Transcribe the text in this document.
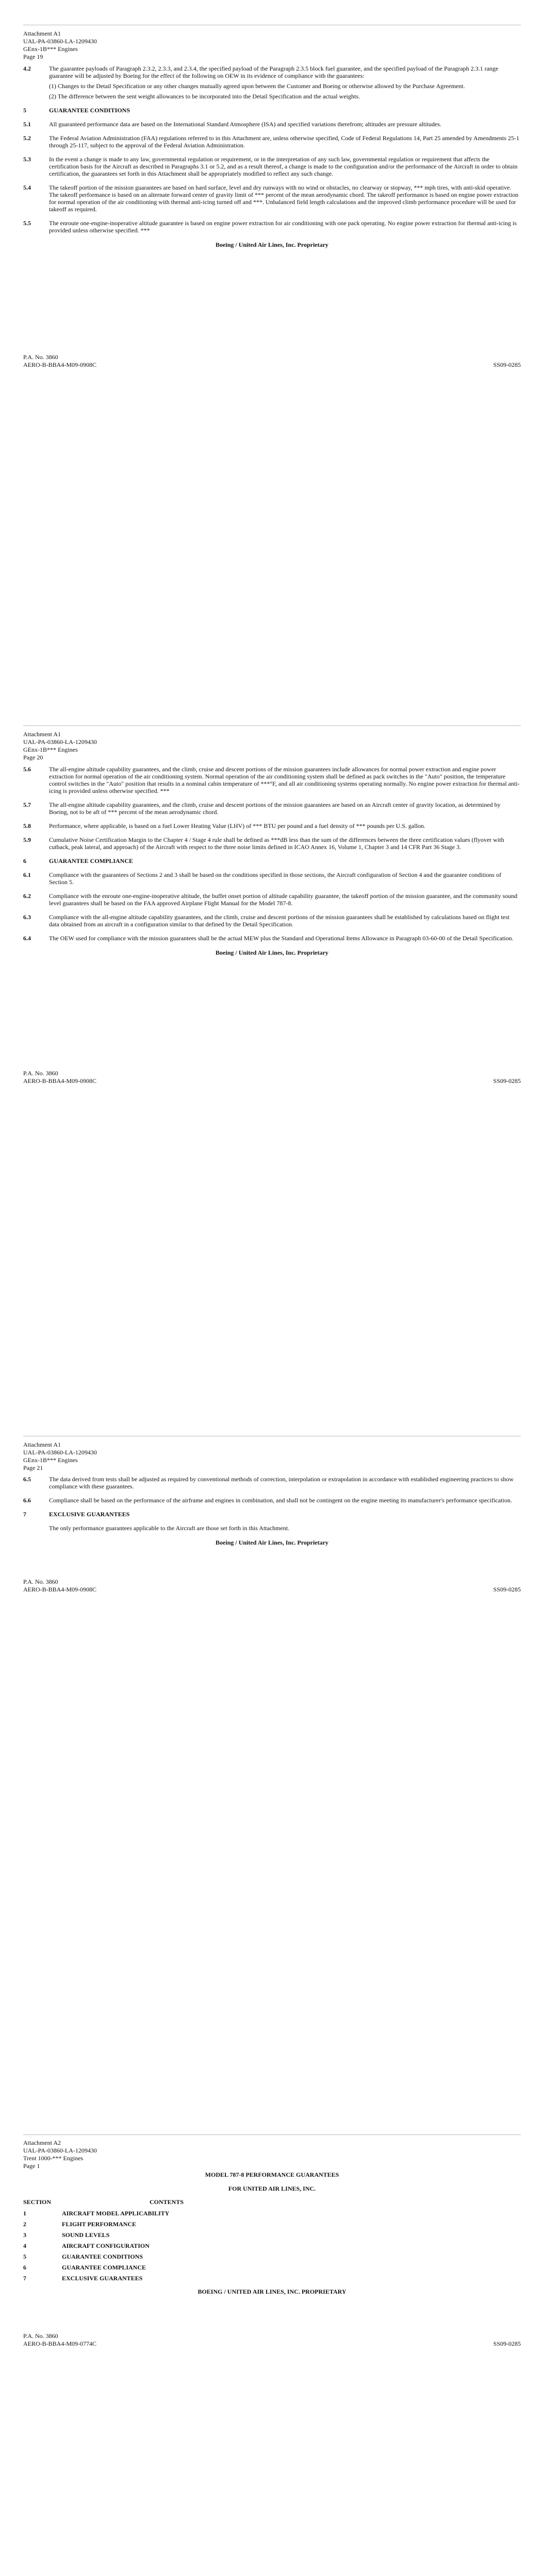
Attachment A1
UAL-PA-03860-LA-1209430
GEnx-1B*** Engines
Page 19
4.2	The guarantee payloads of Paragraph 2.3.2, 2.3.3, and 2.3.4, the specified payload of the Paragraph 2.3.5 block fuel guarantee, and the specified payload of the Paragraph 2.3.1 range guarantee will be adjusted by Boeing for the effect of the following on OEW in its evidence of compliance with the guarantees:

(1) Changes to the Detail Specification or any other changes mutually agreed upon between the Customer and Boeing or otherwise allowed by the Purchase Agreement.

(2) The difference between the sent weight allowances to be incorporated into the Detail Specification and the actual weights.

5	GUARANTEE CONDITIONS

5.1	All guaranteed performance data are based on the International Standard Atmosphere (ISA) and specified variations therefrom; altitudes are pressure altitudes.

5.2	The Federal Aviation Administration (FAA) regulations referred to in this Attachment are, unless otherwise specified, Code of Federal Regulations 14, Part 25 amended by Amendments 25-1 through 25-117, subject to the approval of the Federal Aviation Administration.

5.3	In the event a change is made to any law, governmental regulation or requirement, or in the interpretation of any such law, governmental regulation or requirement that affects the certification basis for the Aircraft as described in Paragraphs 3.1 or 5.2, and as a result thereof, a change is made to the configuration and/or the performance of the Aircraft in order to obtain certification, the guarantees set forth in this Attachment shall be appropriately modified to reflect any such change.

5.4	The takeoff portion of the mission guarantees are based on hard surface, level and dry runways with no wind or obstacles, no clearway or stopway, *** mph tires, with anti-skid operative. The takeoff performance is based on an alternate forward center of gravity limit of *** percent of the mean aerodynamic chord. The takeoff performance is based on engine power extraction for normal operation of the air conditioning with thermal anti-icing turned off and ***. Unbalanced field length calculations and the improved climb performance procedure will be used for takeoff as required.

5.5	The enroute one-engine-inoperative altitude guarantee is based on engine power extraction for air conditioning with one pack operating. No engine power extraction for thermal anti-icing is provided unless otherwise specified. ***

Boeing / United Air Lines, Inc. Proprietary
P.A. No. 3860
AERO-B-BBA4-M09-0908C	SS09-0285
Attachment A1
UAL-PA-03860-LA-1209430
GEnx-1B*** Engines
Page 20
5.6	The all-engine altitude capability guarantees, and the climb, cruise and descent portions of the mission guarantees include allowances for normal power extraction and engine power extraction for normal operation of the air conditioning system. Normal operation of the air conditioning system shall be defined as pack switches in the "Auto" position, the temperature control switches in the "Auto" position that results in a nominal cabin temperature of ***°F, and all air conditioning systems operating normally. No engine power extraction for thermal anti-icing is provided unless otherwise specified. ***

5.7	The all-engine altitude capability guarantees, and the climb, cruise and descent portions of the mission guarantees are based on an Aircraft center of gravity location, as determined by Boeing, not to be aft of *** percent of the mean aerodynamic chord.

5.8	Performance, where applicable, is based on a fuel Lower Heating Value (LHV) of *** BTU per pound and a fuel density of *** pounds per U.S. gallon.

5.9	Cumulative Noise Certification Margin to the Chapter 4 / Stage 4 rule shall be defined as ***dB less than the sum of the differences between the three certification values (flyover with cutback, peak lateral, and approach) of the Aircraft with respect to the three noise limits defined in ICAO Annex 16, Volume 1, Chapter 3 and 14 CFR Part 36 Stage 3.

6	GUARANTEE COMPLIANCE

6.1	Compliance with the guarantees of Sections 2 and 3 shall be based on the conditions specified in those sections, the Aircraft configuration of Section 4 and the guarantee conditions of Section 5.

6.2	Compliance with the enroute one-engine-inoperative altitude, the buffet onset portion of altitude capability guarantee, the takeoff portion of the mission guarantee, and the community sound level guarantees shall be based on the FAA approved Airplane Flight Manual for the Model 787-8.

6.3	Compliance with the all-engine altitude capability guarantees, and the climb, cruise and descent portions of the mission guarantees shall be established by calculations based on flight test data obtained from an aircraft in a configuration similar to that defined by the Detail Specification.

6.4	The OEW used for compliance with the mission guarantees shall be the actual MEW plus the Standard and Operational Items Allowance in Paragraph 03-60-00 of the Detail Specification.

Boeing / United Air Lines, Inc. Proprietary
P.A. No. 3860
AERO-B-BBA4-M09-0908C	SS09-0285
Attachment A1
UAL-PA-03860-LA-1209430
GEnx-1B*** Engines
Page 21
6.5	The data derived from tests shall be adjusted as required by conventional methods of correction, interpolation or extrapolation in accordance with established engineering practices to show compliance with these guarantees.

6.6	Compliance shall be based on the performance of the airframe and engines in combination, and shall not be contingent on the engine meeting its manufacturer's performance specification.

7	EXCLUSIVE GUARANTEES

The only performance guarantees applicable to the Aircraft are those set forth in this Attachment.

Boeing / United Air Lines, Inc. Proprietary
P.A. No. 3860
AERO-B-BBA4-M09-0908C	SS09-0285
Attachment A2
UAL-PA-03860-LA-1209430
Trent 1000-*** Engines
Page 1
MODEL 787-8 PERFORMANCE GUARANTEES
FOR UNITED AIR LINES, INC.
SECTION	CONTENTS
1	AIRCRAFT MODEL APPLICABILITY
2	FLIGHT PERFORMANCE
3	SOUND LEVELS
4	AIRCRAFT CONFIGURATION
5	GUARANTEE CONDITIONS
6	GUARANTEE COMPLIANCE
7	EXCLUSIVE GUARANTEES
BOEING / UNITED AIR LINES, INC. PROPRIETARY
P.A. No. 3860
AERO-B-BBA4-M09-0774C	SS09-0285
